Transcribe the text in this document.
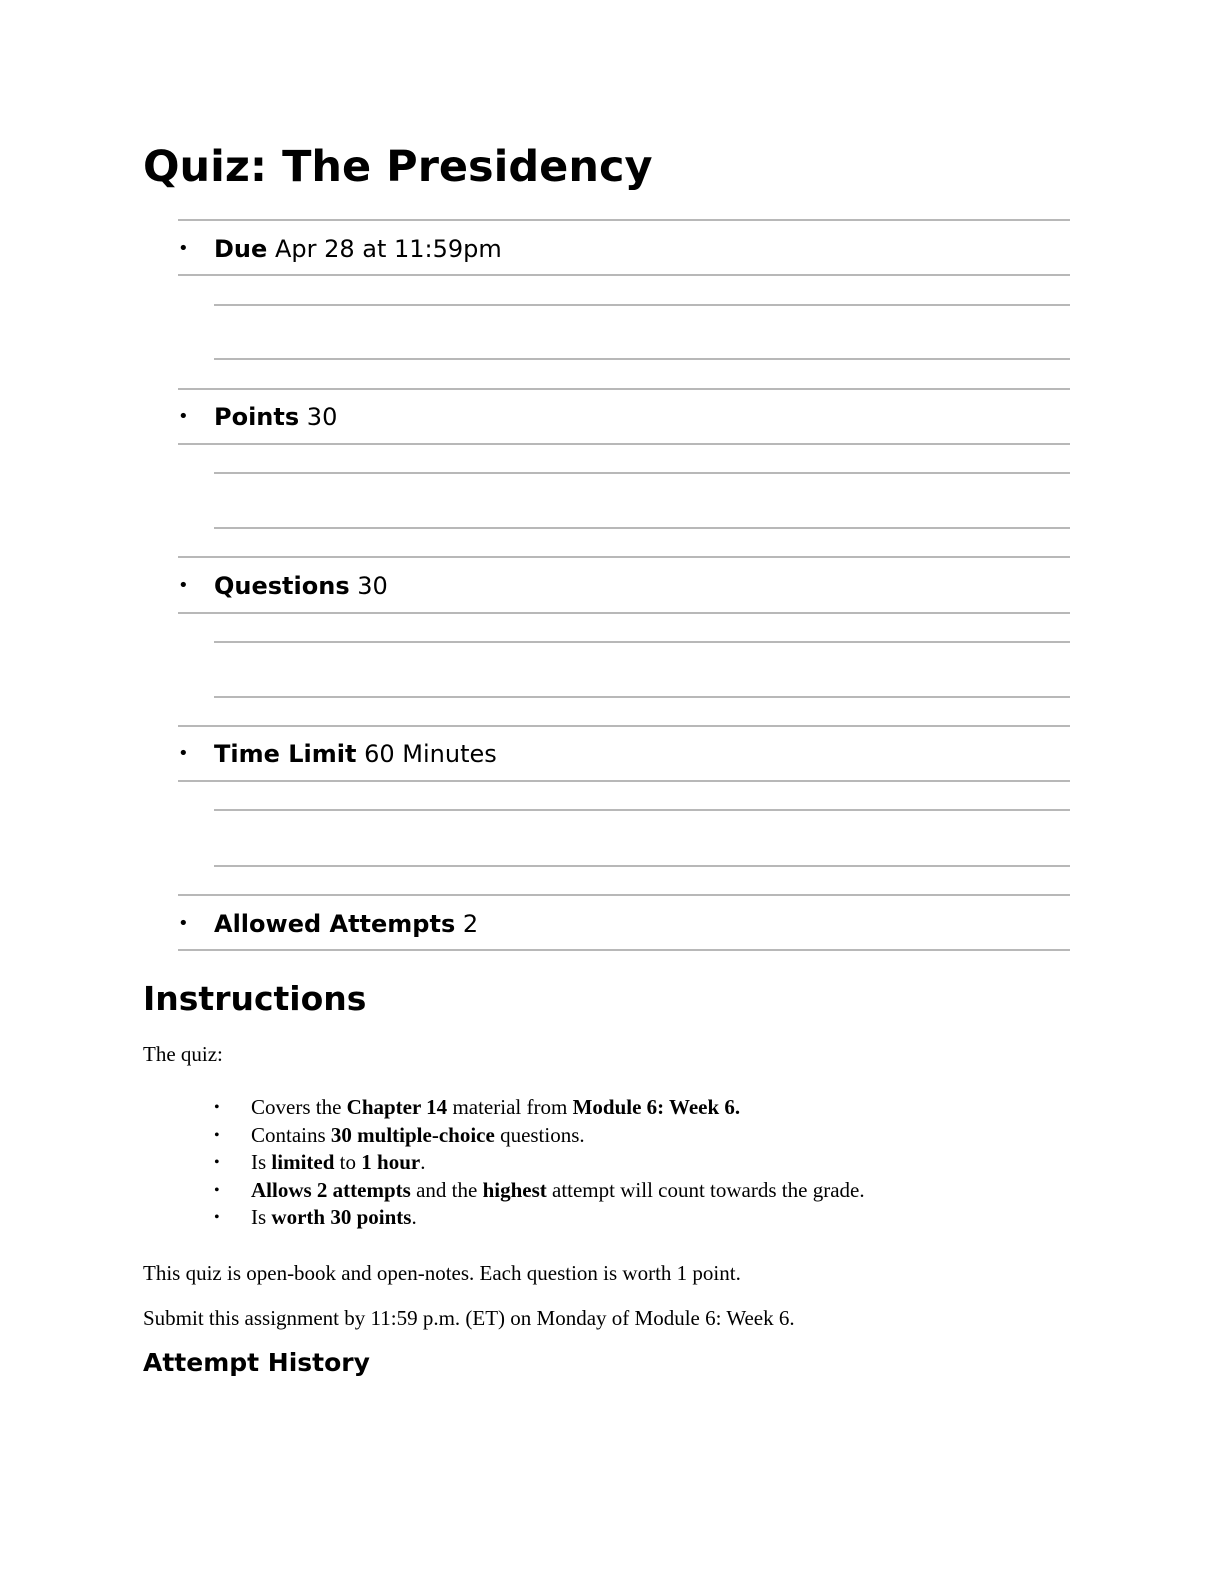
Quiz: The Presidency
• Due Apr 28 at 11:59pm
• Points 30
• Questions 30
• Time Limit 60 Minutes
• Allowed Attempts 2
Instructions

The quiz:

• Covers the Chapter 14 material from Module 6: Week 6.
• Contains 30 multiple-choice questions.
• Is limited to 1 hour.
• Allows 2 attempts and the highest attempt will count towards the grade.
• Is worth 30 points.

This quiz is open-book and open-notes. Each question is worth 1 point.

Submit this assignment by 11:59 p.m. (ET) on Monday of Module 6: Week 6.

Attempt History
